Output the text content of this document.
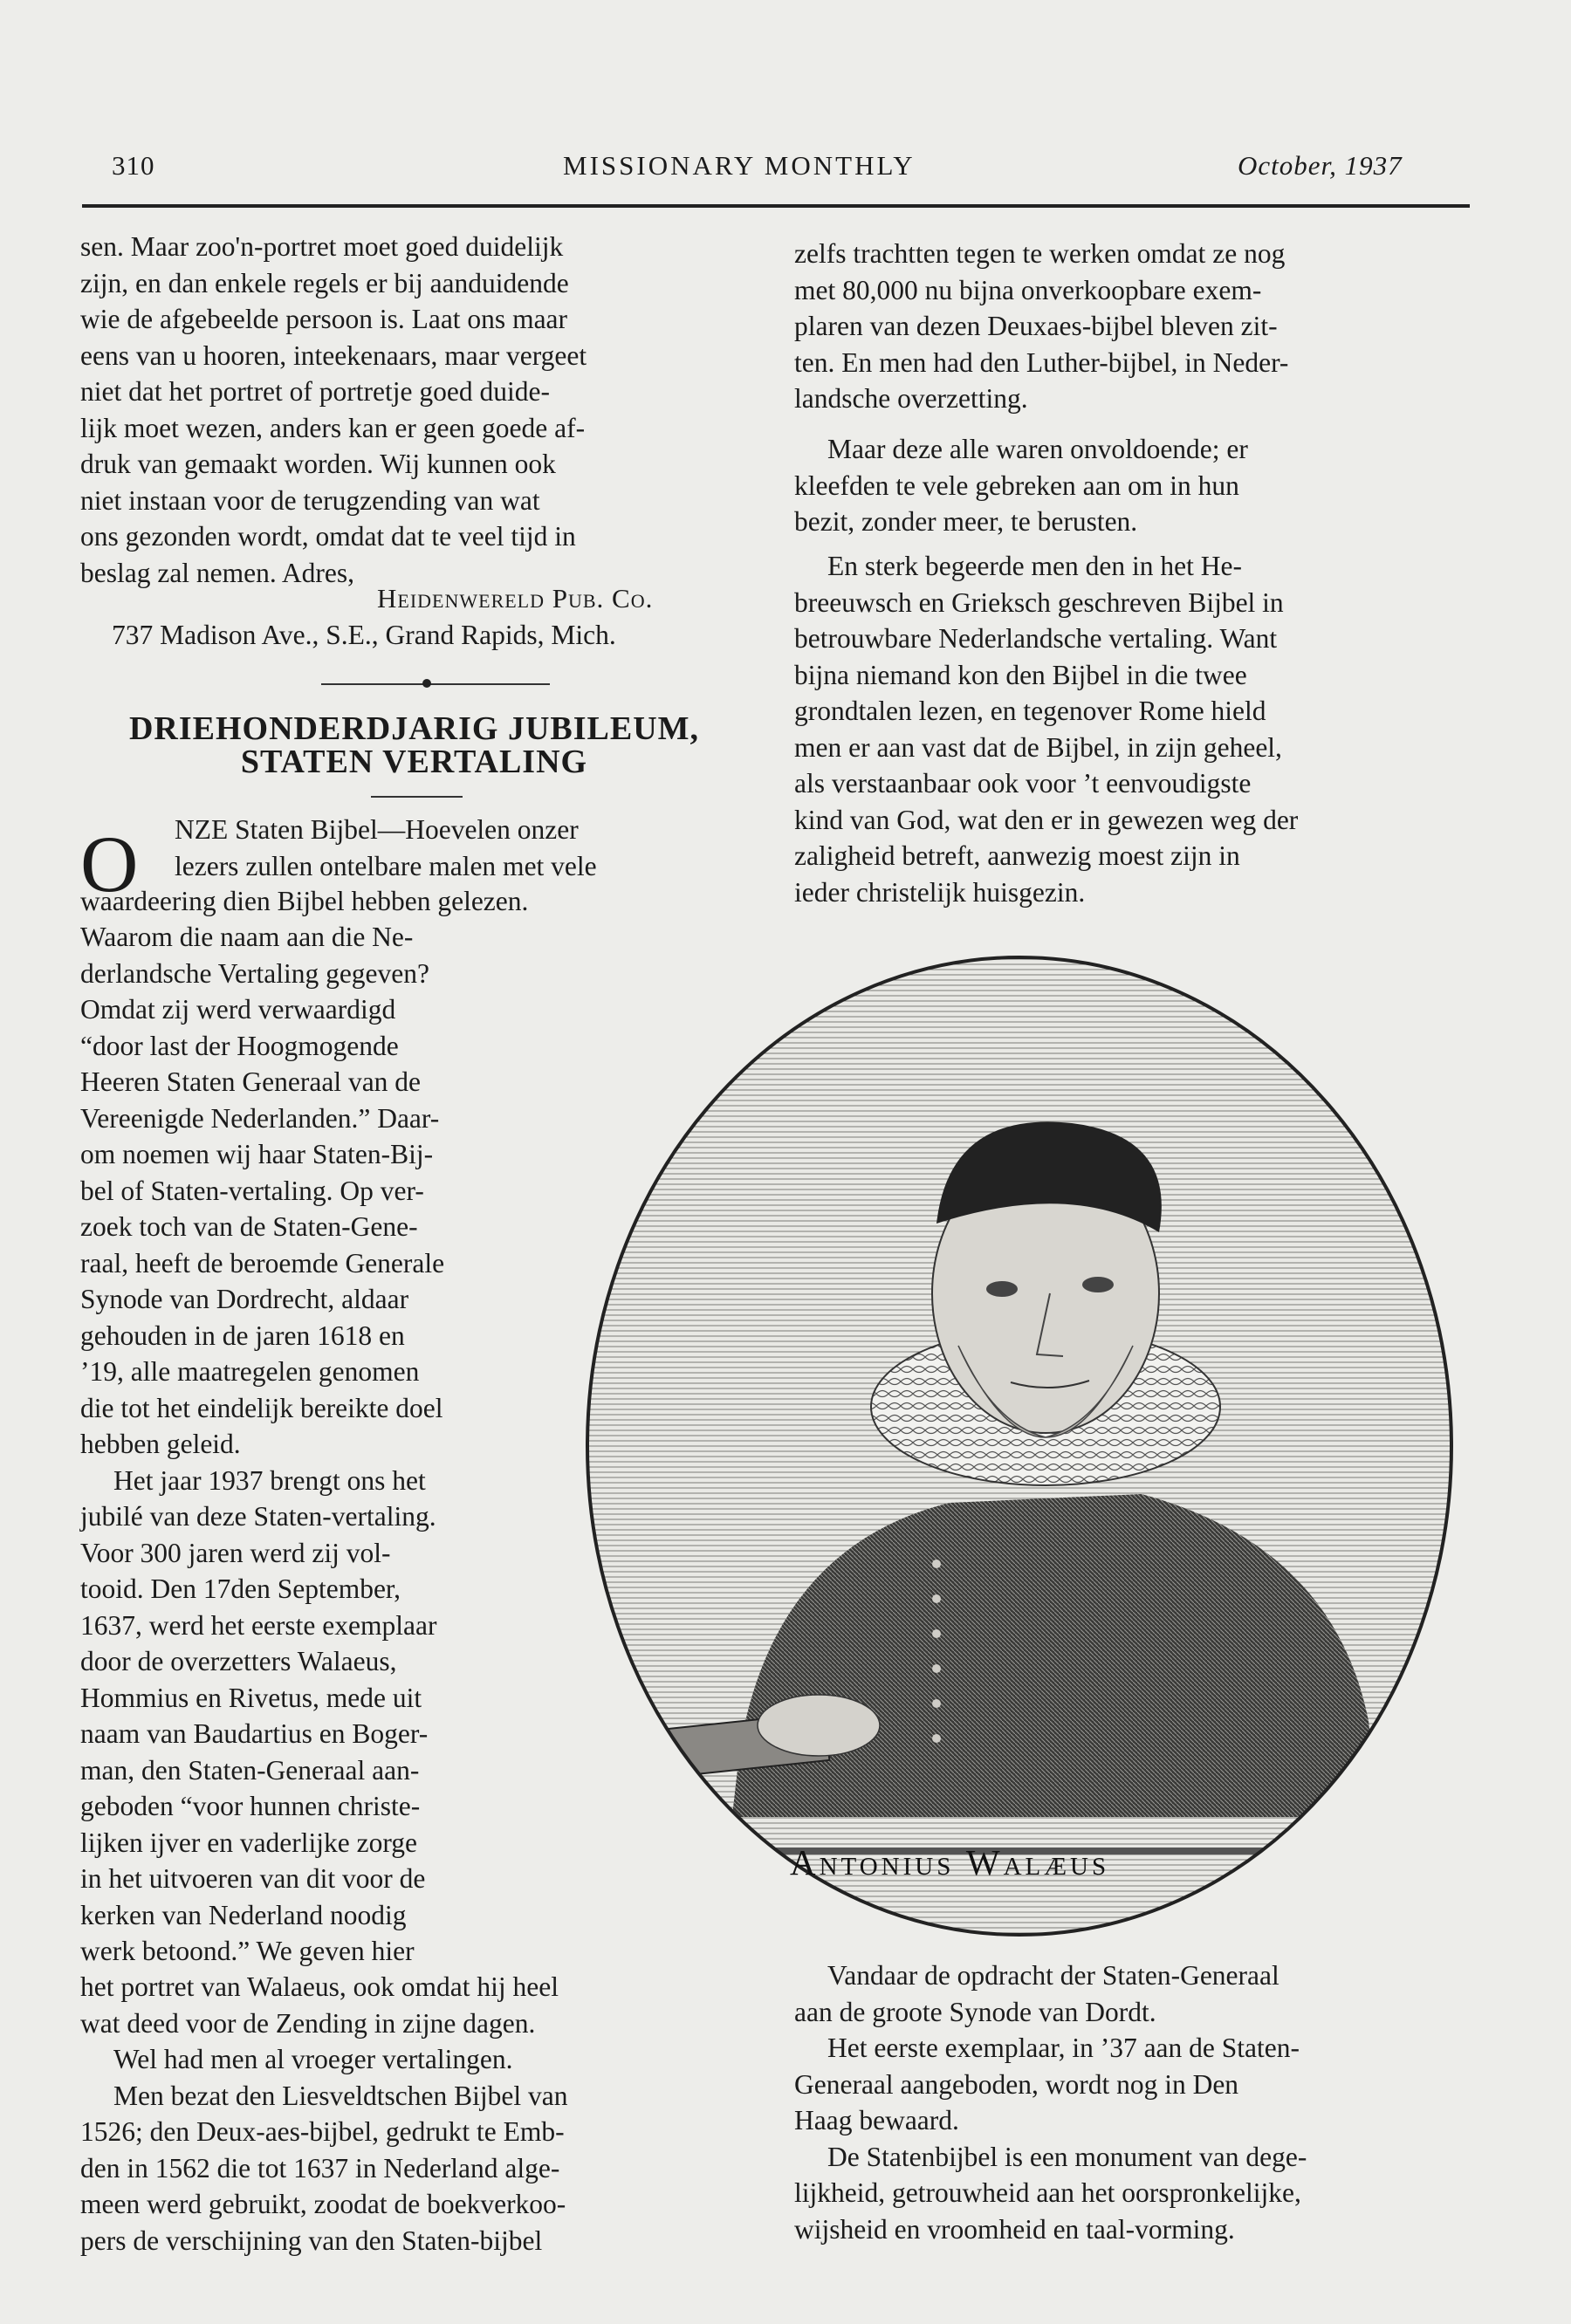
310	MISSIONARY MONTHLY	October, 1937

sen. Maar zoo'n-portret moet goed duidelijk

zijn, en dan enkele regels er bij aanduidende

wie de afgebeelde persoon is. Laat ons maar

eens van u hooren, inteekenaars, maar vergeet

niet dat het portret of portretje goed duide-

lijk moet wezen, anders kan er geen goede af-

druk van gemaakt worden. Wij kunnen ook

niet instaan voor de terugzending van wat

ons gezonden wordt, omdat dat te veel tijd in

beslag zal nemen. Adres,

Heidenwereld Pub. Co.
737 Madison Ave., S.E., Grand Rapids, Mich.
DRIEHONDERDJARIG JUBILEUM,
STATEN VERTALING
O NZE Staten Bijbel—Hoevelen onzer

lezers zullen ontelbare malen met vele

waardeering dien Bijbel hebben gelezen.

Waarom die naam aan die Ne-

derlandsche Vertaling gegeven?

Omdat zij werd verwaardigd

“door last der Hoogmogende

Heeren Staten Generaal van de

Vereenigde Nederlanden.” Daar-

om noemen wij haar Staten-Bij-

bel of Staten-vertaling. Op ver-

zoek toch van de Staten-Gene-

raal, heeft de beroemde Generale

Synode van Dordrecht, aldaar

gehouden in de jaren 1618 en

’19, alle maatregelen genomen

die tot het eindelijk bereikte doel

hebben geleid.

Het jaar 1937 brengt ons het

jubilé van deze Staten-vertaling.

Voor 300 jaren werd zij vol-

tooid. Den 17den September,

1637, werd het eerste exemplaar

door de overzetters Walaeus,

Hommius en Rivetus, mede uit

naam van Baudartius en Boger-

man, den Staten-Generaal aan-

geboden “voor hunnen christe-

lijken ijver en vaderlijke zorge

in het uitvoeren van dit voor de

kerken van Nederland noodig

werk betoond.” We geven hier

het portret van Walaeus, ook omdat hij heel

wat deed voor de Zending in zijne dagen.

Wel had men al vroeger vertalingen.

Men bezat den Liesveldtschen Bijbel van

1526; den Deux-aes-bijbel, gedrukt te Emb-

den in 1562 die tot 1637 in Nederland alge-

meen werd gebruikt, zoodat de boekverkoo-

pers de verschijning van den Staten-bijbel

zelfs trachtten tegen te werken omdat ze nog

met 80,000 nu bijna onverkoopbare exem-

plaren van dezen Deuxaes-bijbel bleven zit-

ten. En men had den Luther-bijbel, in Neder-

landsche overzetting.

Maar deze alle waren onvoldoende; er

kleefden te vele gebreken aan om in hun

bezit, zonder meer, te berusten.

En sterk begeerde men den in het He-

breeuwsch en Grieksch geschreven Bijbel in

betrouwbare Nederlandsche vertaling. Want

bijna niemand kon den Bijbel in die twee

grondtalen lezen, en tegenover Rome hield

men er aan vast dat de Bijbel, in zijn geheel,

als verstaanbaar ook voor ’t eenvoudigste

kind van God, wat den er in gewezen weg der

zaligheid betreft, aanwezig moest zijn in

ieder christelijk huisgezin.

Antonius Walæus

Vandaar de opdracht der Staten-Generaal

aan de groote Synode van Dordt.

Het eerste exemplaar, in ’37 aan de Staten-

Generaal aangeboden, wordt nog in Den

Haag bewaard.

De Statenbijbel is een monument van dege-

lijkheid, getrouwheid aan het oorspronkelijke,

wijsheid en vroomheid en taal-vorming.
